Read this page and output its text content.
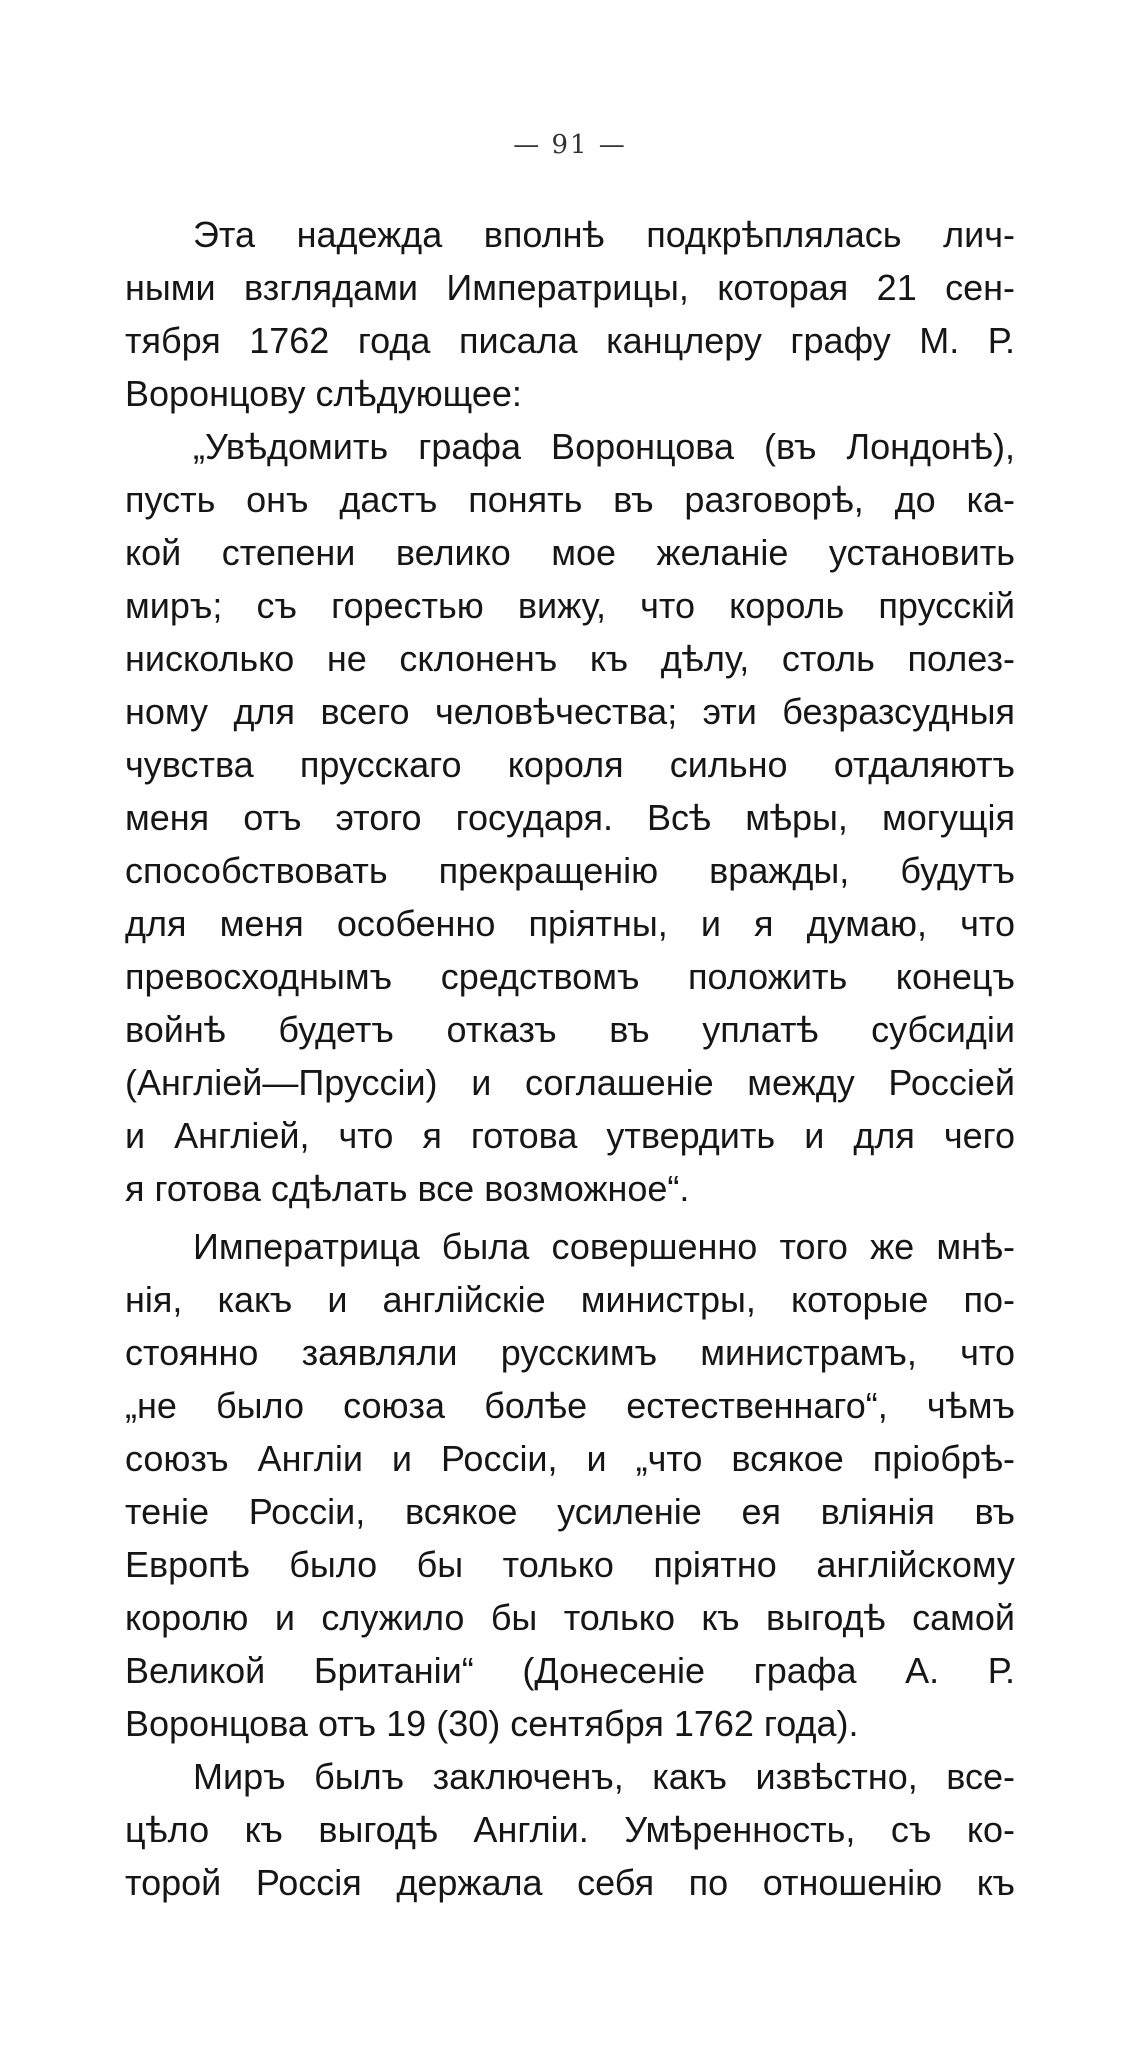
— 91 —
Эта надежда вполнѣ подкрѣплялась лич-
ными взглядами Императрицы, которая 21 сен-
тября 1762 года писала канцлеру графу М. Р.
Воронцову слѣдующее:
„Увѣдомить графа Воронцова (въ Лондонѣ),
пусть онъ дастъ понять въ разговорѣ, до ка-
кой степени велико мое желаніе установить
миръ; съ горестью вижу, что король прусскій
нисколько не склоненъ къ дѣлу, столь полез-
ному для всего человѣчества; эти безразсудныя
чувства прусскаго короля сильно отдаляютъ
меня отъ этого государя. Всѣ мѣры, могущія
способствовать прекращенію вражды, будутъ
для меня особенно пріятны, и я думаю, что
превосходнымъ средствомъ положить конецъ
войнѣ будетъ отказъ въ уплатѣ субсидіи
(Англіей—Пруссіи) и соглашеніе между Россіей
и Англіей, что я готова утвердить и для чего
я готова сдѣлать все возможное“.
Императрица была совершенно того же мнѣ-
нія, какъ и англійскіе министры, которые по-
стоянно заявляли русскимъ министрамъ, что
„не было союза болѣе естественнаго“, чѣмъ
союзъ Англіи и Россіи, и „что всякое пріобрѣ-
теніе Россіи, всякое усиленіе ея вліянія въ
Европѣ было бы только пріятно англійскому
королю и служило бы только къ выгодѣ самой
Великой Британіи“ (Донесеніе графа А. Р.
Воронцова отъ 19 (30) сентября 1762 года).
Миръ былъ заключенъ, какъ извѣстно, все-
цѣло къ выгодѣ Англіи. Умѣренность, съ ко-
торой Россія держала себя по отношенію къ
